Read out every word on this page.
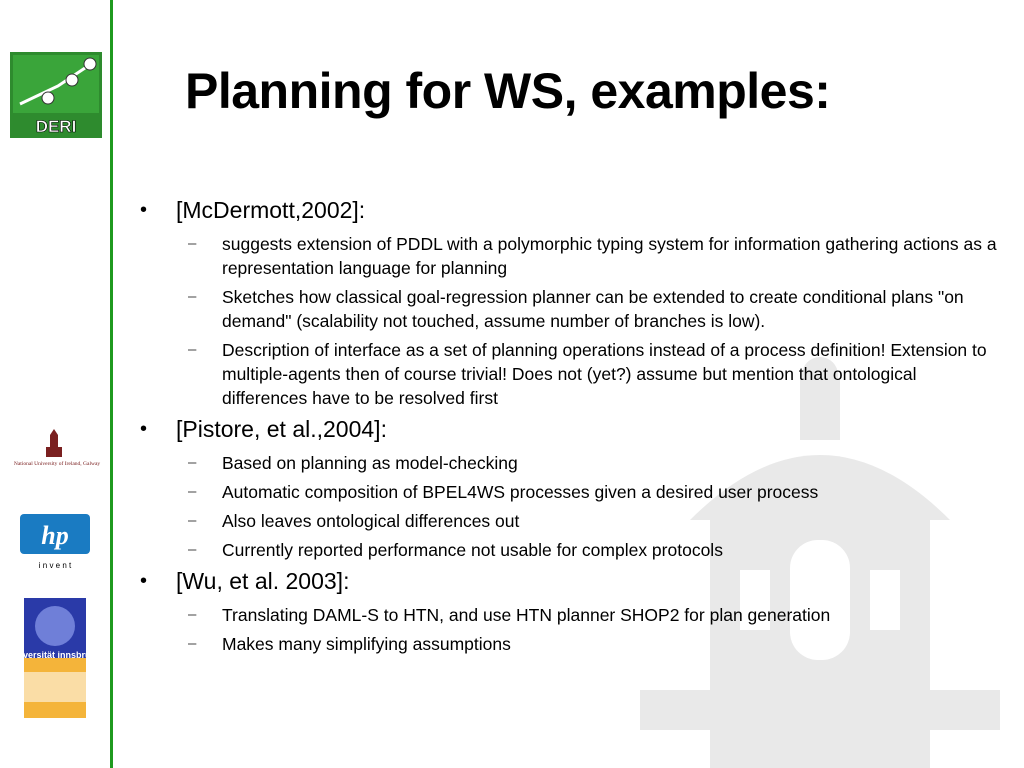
DERI
National University of Ireland, Galway
hp
i n v e n t
universität innsbruck
Planning for WS, examples:
• [McDermott,2002]:
– suggests extension of PDDL with a polymorphic typing system for information gathering actions as a representation language for planning
– Sketches how classical goal-regression planner can be extended to create conditional plans "on demand" (scalability not touched, assume number of branches is low).
– Description of interface as a set of planning operations instead of a process definition! Extension to multiple-agents then of course trivial! Does not (yet?) assume but mention that ontological differences have to be resolved first
• [Pistore, et al.,2004]:
– Based on planning as model-checking
– Automatic composition of BPEL4WS processes given a desired user process
– Also leaves ontological differences out
– Currently reported performance not usable for complex protocols
• [Wu, et al. 2003]:
– Translating DAML-S to HTN, and use HTN planner SHOP2 for plan generation
– Makes many simplifying assumptions
